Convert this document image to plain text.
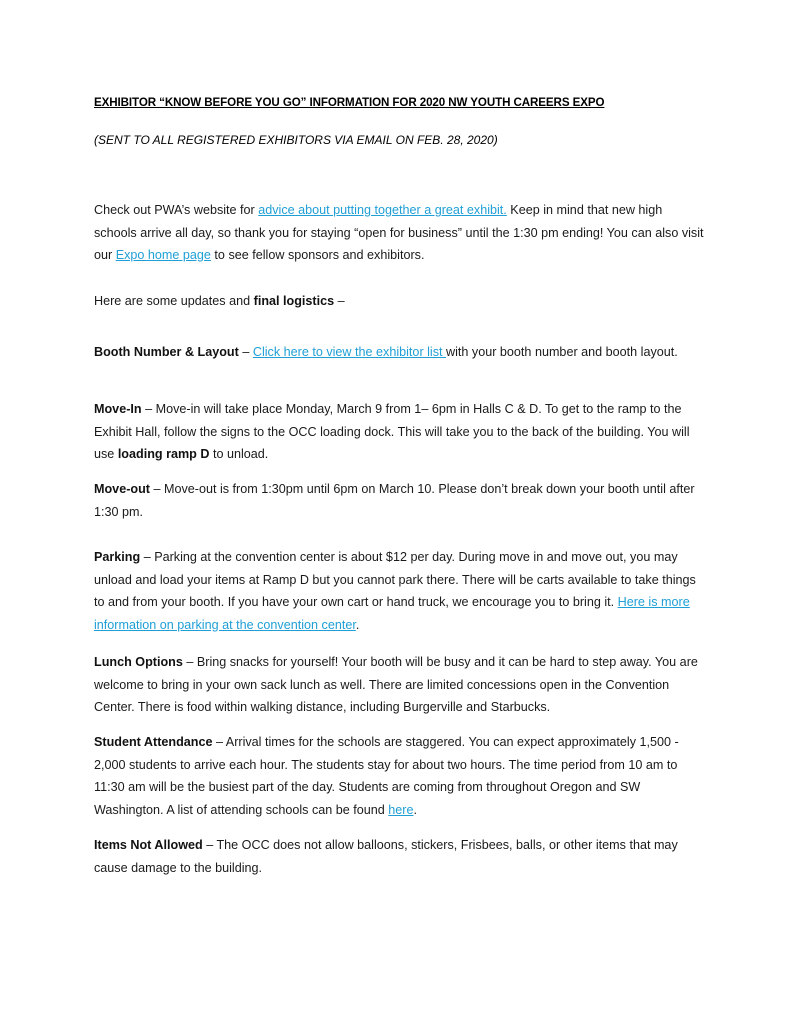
EXHIBITOR “KNOW BEFORE YOU GO” INFORMATION FOR 2020 NW YOUTH CAREERS EXPO
(SENT TO ALL REGISTERED EXHIBITORS VIA EMAIL ON FEB. 28, 2020)
Check out PWA’s website for advice about putting together a great exhibit. Keep in mind that new high schools arrive all day, so thank you for staying “open for business” until the 1:30 pm ending! You can also visit our Expo home page to see fellow sponsors and exhibitors.
Here are some updates and final logistics –
Booth Number & Layout – Click here to view the exhibitor list with your booth number and booth layout.
Move-In – Move-in will take place Monday, March 9 from 1– 6pm in Halls C & D. To get to the ramp to the Exhibit Hall, follow the signs to the OCC loading dock. This will take you to the back of the building. You will use loading ramp D to unload.
Move-out – Move-out is from 1:30pm until 6pm on March 10. Please don’t break down your booth until after 1:30 pm.
Parking – Parking at the convention center is about $12 per day. During move in and move out, you may unload and load your items at Ramp D but you cannot park there. There will be carts available to take things to and from your booth. If you have your own cart or hand truck, we encourage you to bring it. Here is more information on parking at the convention center.
Lunch Options – Bring snacks for yourself! Your booth will be busy and it can be hard to step away. You are welcome to bring in your own sack lunch as well. There are limited concessions open in the Convention Center. There is food within walking distance, including Burgerville and Starbucks.
Student Attendance – Arrival times for the schools are staggered. You can expect approximately 1,500 - 2,000 students to arrive each hour. The students stay for about two hours. The time period from 10 am to 11:30 am will be the busiest part of the day. Students are coming from throughout Oregon and SW Washington. A list of attending schools can be found here.
Items Not Allowed – The OCC does not allow balloons, stickers, Frisbees, balls, or other items that may cause damage to the building.
